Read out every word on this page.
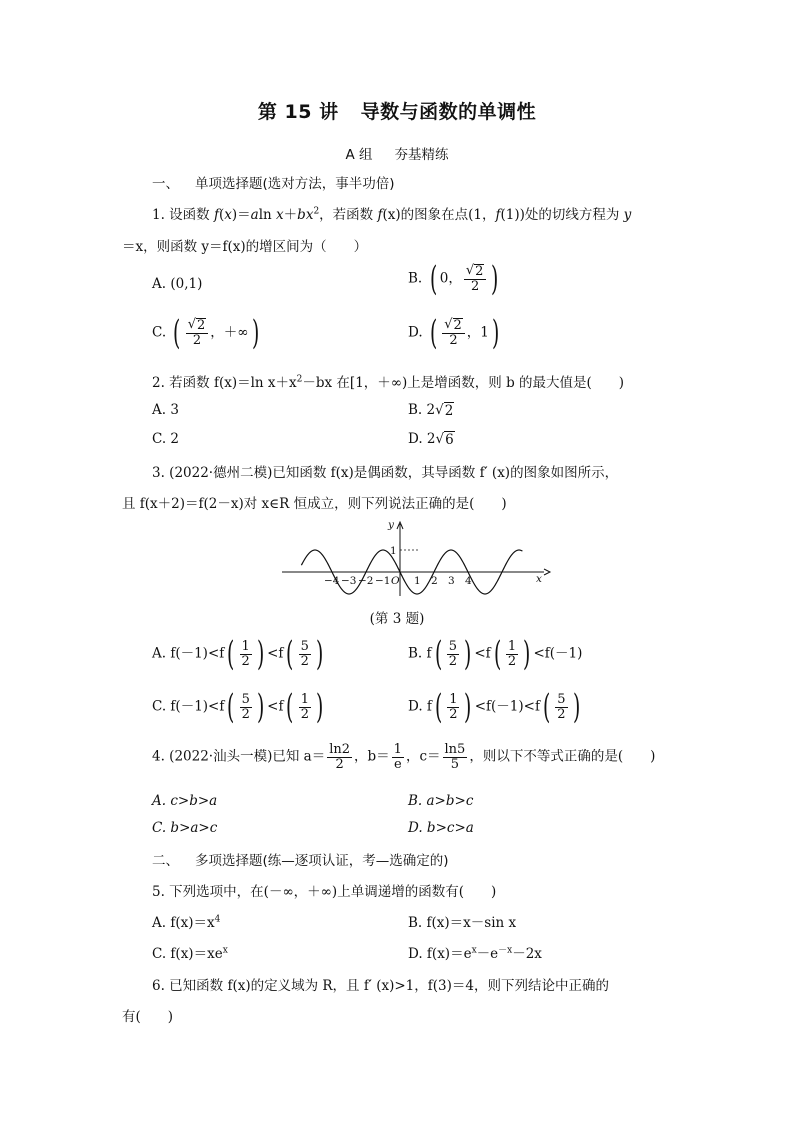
第 15 讲 导数与函数的单调性
A 组 夯基精练
一、 单项选择题(选对方法，事半功倍)
1. 设函数 f(x)＝aln $x+bx^2$，若函数 f(x)的图象在点(1，f(1))处的切线方程为 y
＝x，则函数 y＝f(x)的增区间为（　　）
A. (0,1)	B. ( 0， $\frac{√ 2}{2}$ )
C. ( $\frac{√ 2}{2}$ ，＋∞)	D. ( $\frac{√ 2}{2}$ ，1)
2. 若函数 f(x)＝ln $x+x^2-bx$ 在[1，＋∞)上是增函数，则 b 的最大值是(　　)
A. 3	B. 2√ 2
C. 2	D. 2√ 6
3. (2022·德州二模)已知函数 f(x)是偶函数，其导函数 f′ (x)的图象如图所示，
且 f(x＋2)＝f(2－x)对 x∈R 恒成立，则下列说法正确的是(　　)
x
y
1
−4 −3 −2 −1 O 1 2 3 4
(第 3 题)
A. $f(-1)<f( \frac{1}{2}$ ) $<f( \frac{5}{2}$ )	B. $f( \frac{5}{2}$ ) $<f( \frac{1}{2}$ ) <f(－1)
C. $f(-1)<f( \frac{5}{2}$ ) $<f( \frac{1}{2}$ )	D. $f( \frac{1}{2}$ ) $<f(-1)<f( \frac{5}{2}$ )
4. (2022·汕头一模)已知 $a= \frac{\ln 2}{2}$ ，$b= \frac{1}{e}$ ，$c= \frac{\ln 5}{5}$ ，则以下不等式正确的是(　　)
A. c>b>a	B. a>b>c
C. b>a>c	D. b>c>a
二、 多项选择题(练—逐项认证，考—选确定的)
5. 下列选项中，在(－∞，＋∞)上单调递增的函数有(　　)
A. $f(x)=x^4$	B. f(x)＝x－sin x
C. $f(x)=xe^x$	D. $f(x)=e^x-e^{-x}-2x$
6. 已知函数 f(x)的定义域为 R，且 f′ (x)>1，f(3)＝4，则下列结论中正确的
有(　　)
